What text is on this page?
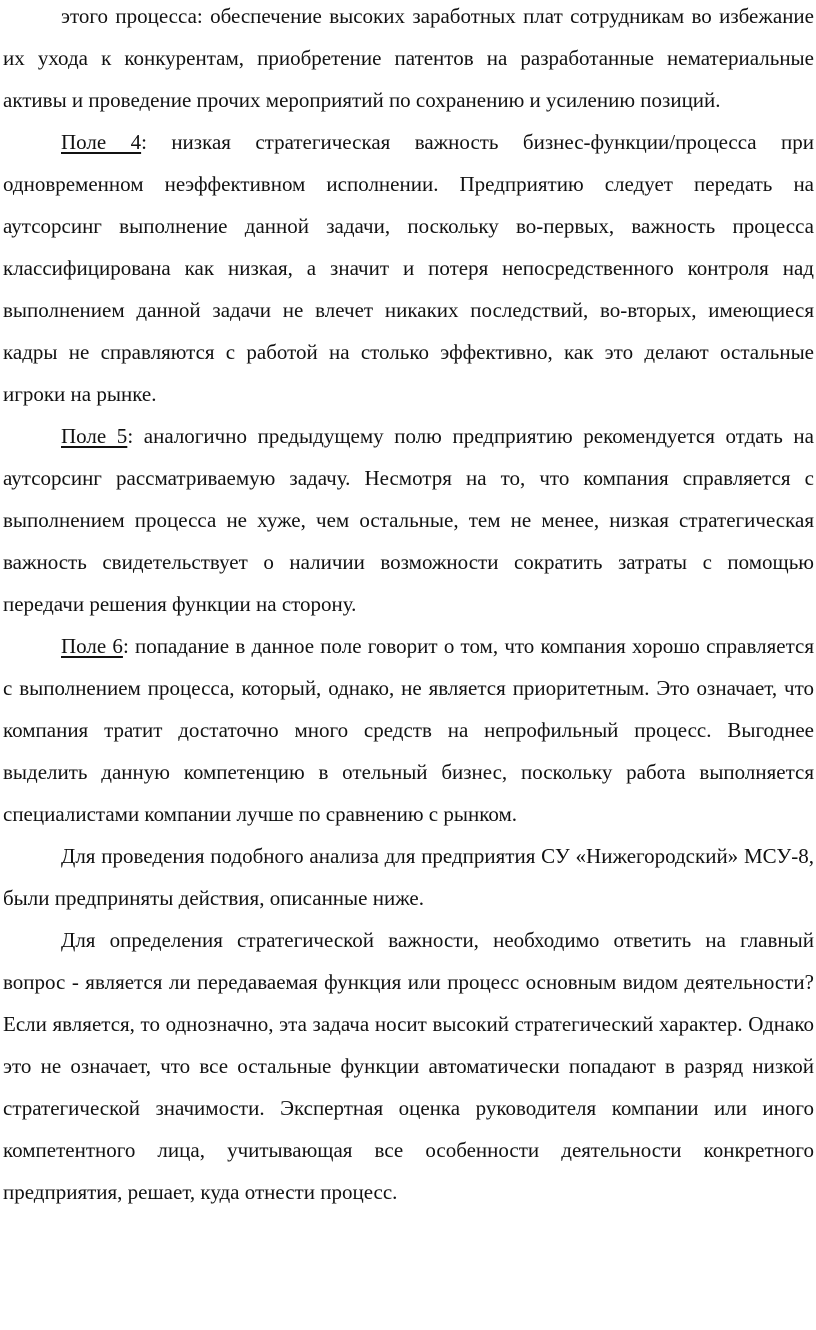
этого процесса: обеспечение высоких заработных плат сотрудникам во избежание их ухода к конкурентам, приобретение патентов на разработанные нематериальные активы и проведение прочих мероприятий по сохранению и усилению позиций.

Поле 4: низкая стратегическая важность бизнес-функции/процесса при одновременном неэффективном исполнении. Предприятию следует передать на аутсорсинг выполнение данной задачи, поскольку во-первых, важность процесса классифицирована как низкая, а значит и потеря непосредственного контроля над выполнением данной задачи не влечет никаких последствий, во-вторых, имеющиеся кадры не справляются с работой на столько эффективно, как это делают остальные игроки на рынке.

Поле 5: аналогично предыдущему полю предприятию рекомендуется отдать на аутсорсинг рассматриваемую задачу. Несмотря на то, что компания справляется с выполнением процесса не хуже, чем остальные, тем не менее, низкая стратегическая важность свидетельствует о наличии возможности сократить затраты с помощью передачи решения функции на сторону.

Поле 6: попадание в данное поле говорит о том, что компания хорошо справляется с выполнением процесса, который, однако, не является приоритетным. Это означает, что компания тратит достаточно много средств на непрофильный процесс. Выгоднее выделить данную компетенцию в отельный бизнес, поскольку работа выполняется специалистами компании лучше по сравнению с рынком.

Для проведения подобного анализа для предприятия СУ «Нижегородский» МСУ-8, были предприняты действия, описанные ниже.

Для определения стратегической важности, необходимо ответить на главный вопрос - является ли передаваемая функция или процесс основным видом деятельности? Если является, то однозначно, эта задача носит высокий стратегический характер. Однако это не означает, что все остальные функции автоматически попадают в разряд низкой стратегической значимости. Экспертная оценка руководителя компании или иного компетентного лица, учитывающая все особенности деятельности конкретного предприятия, решает, куда отнести процесс.
